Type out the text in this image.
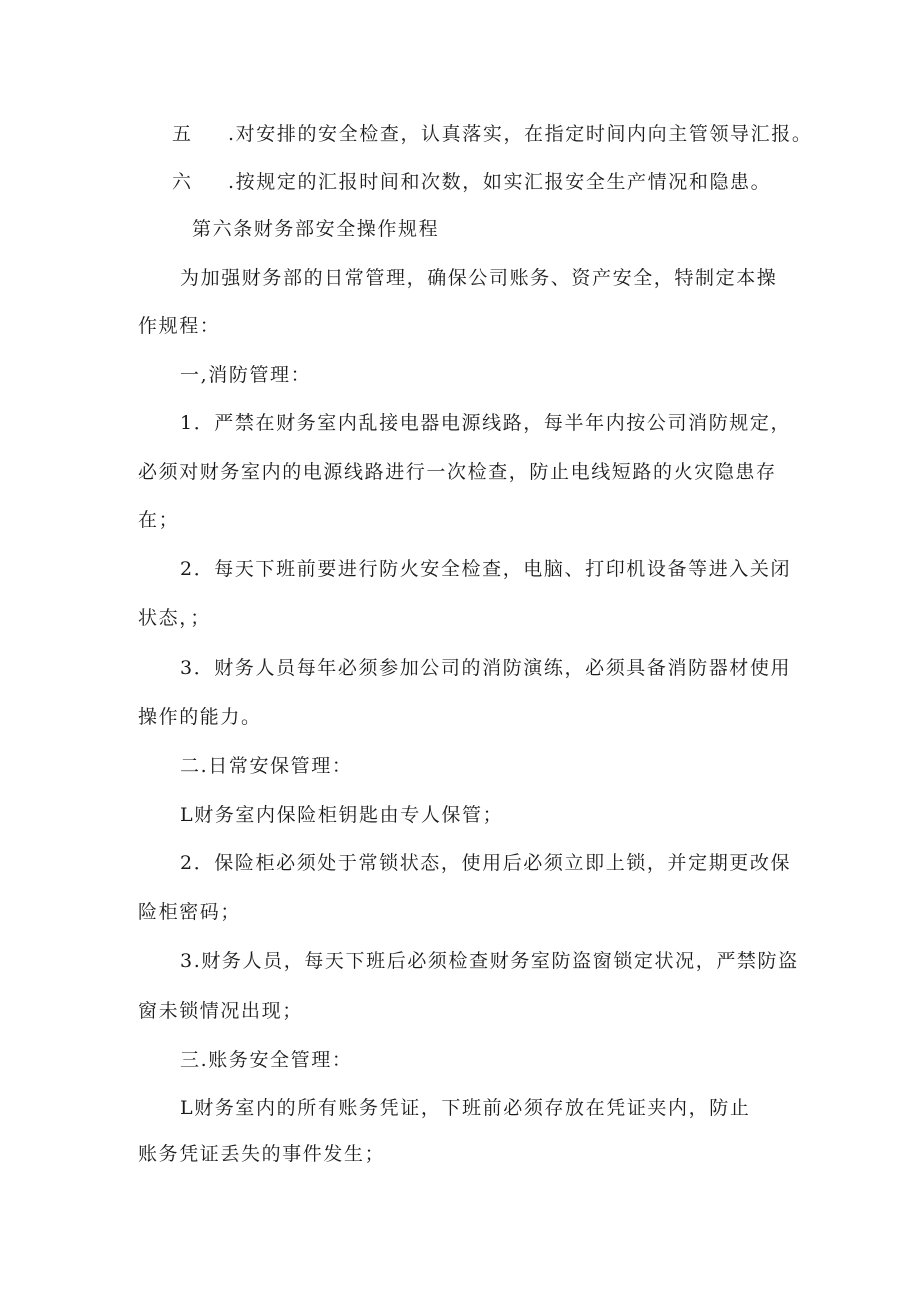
五 .对安排的安全检查，认真落实，在指定时间内向主管领导汇报。
六 .按规定的汇报时间和次数，如实汇报安全生产情况和隐患。
第六条财务部安全操作规程
为加强财务部的日常管理，确保公司账务、资产安全，特制定本操
作规程：
一,消防管理：
1．严禁在财务室内乱接电器电源线路，每半年内按公司消防规定，
必须对财务室内的电源线路进行一次检查，防止电线短路的火灾隐患存
在；
2．每天下班前要进行防火安全检查，电脑、打印机设备等进入关闭
状态，；
3．财务人员每年必须参加公司的消防演练，必须具备消防器材使用
操作的能力。
二.日常安保管理：
L财务室内保险柜钥匙由专人保管；
2．保险柜必须处于常锁状态，使用后必须立即上锁，并定期更改保
险柜密码；
3.财务人员，每天下班后必须检查财务室防盗窗锁定状况，严禁防盗
窗未锁情况出现；
三.账务安全管理：
L财务室内的所有账务凭证，下班前必须存放在凭证夹内，防止
账务凭证丢失的事件发生；
